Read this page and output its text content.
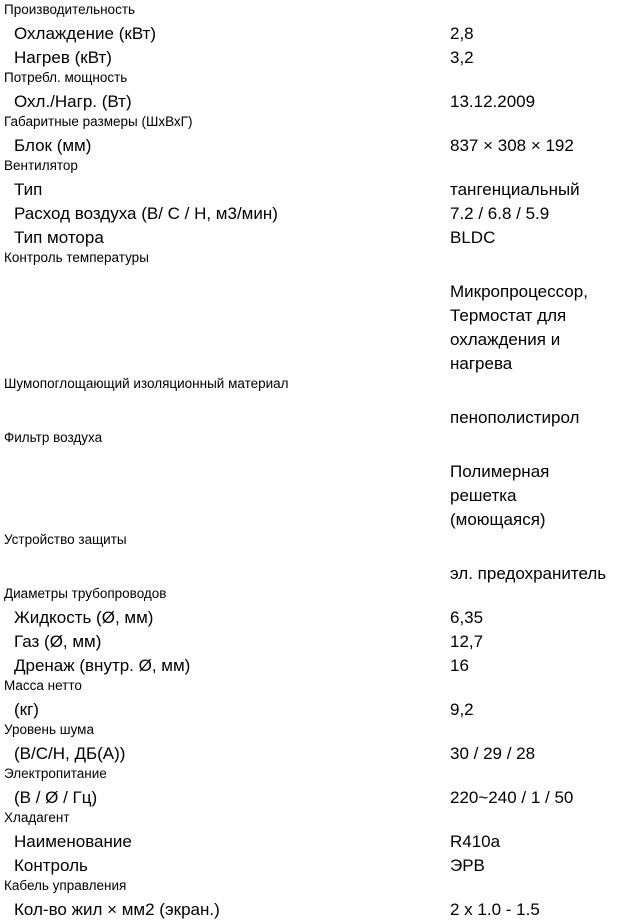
Производительность
Охлаждение (кВт)	2,8
Нагрев (кВт)	3,2
Потребл. мощность
Охл./Нагр. (Вт)	13.12.2009
Габаритные размеры (ШхВхГ)
Блок (мм)	837 × 308 × 192
Вентилятор
Тип	тангенциальный
Расход воздуха (В/ С / Н, м3/мин)	7.2 / 6.8 / 5.9
Тип мотора	BLDC
Контроль температуры
Микропроцессор, Термостат для охлаждения и нагрева
Шумопоглощающий изоляционный материал
пенополистирол
Фильтр воздуха
Полимерная решетка (моющаяся)
Устройство защиты
эл. предохранитель
Диаметры трубопроводов
Жидкость (Ø, мм)	6,35
Газ (Ø, мм)	12,7
Дренаж (внутр. Ø, мм)	16
Масса нетто
(кг)	9,2
Уровень шума
(В/С/Н, ДБ(А))	30 / 29 / 28
Электропитание
(В / Ø / Гц)	220~240 / 1 / 50
Хладагент
Наименование	R410a
Контроль	ЭРВ
Кабель управления
Кол-во жил × мм2 (экран.)	2 x 1.0 - 1.5
